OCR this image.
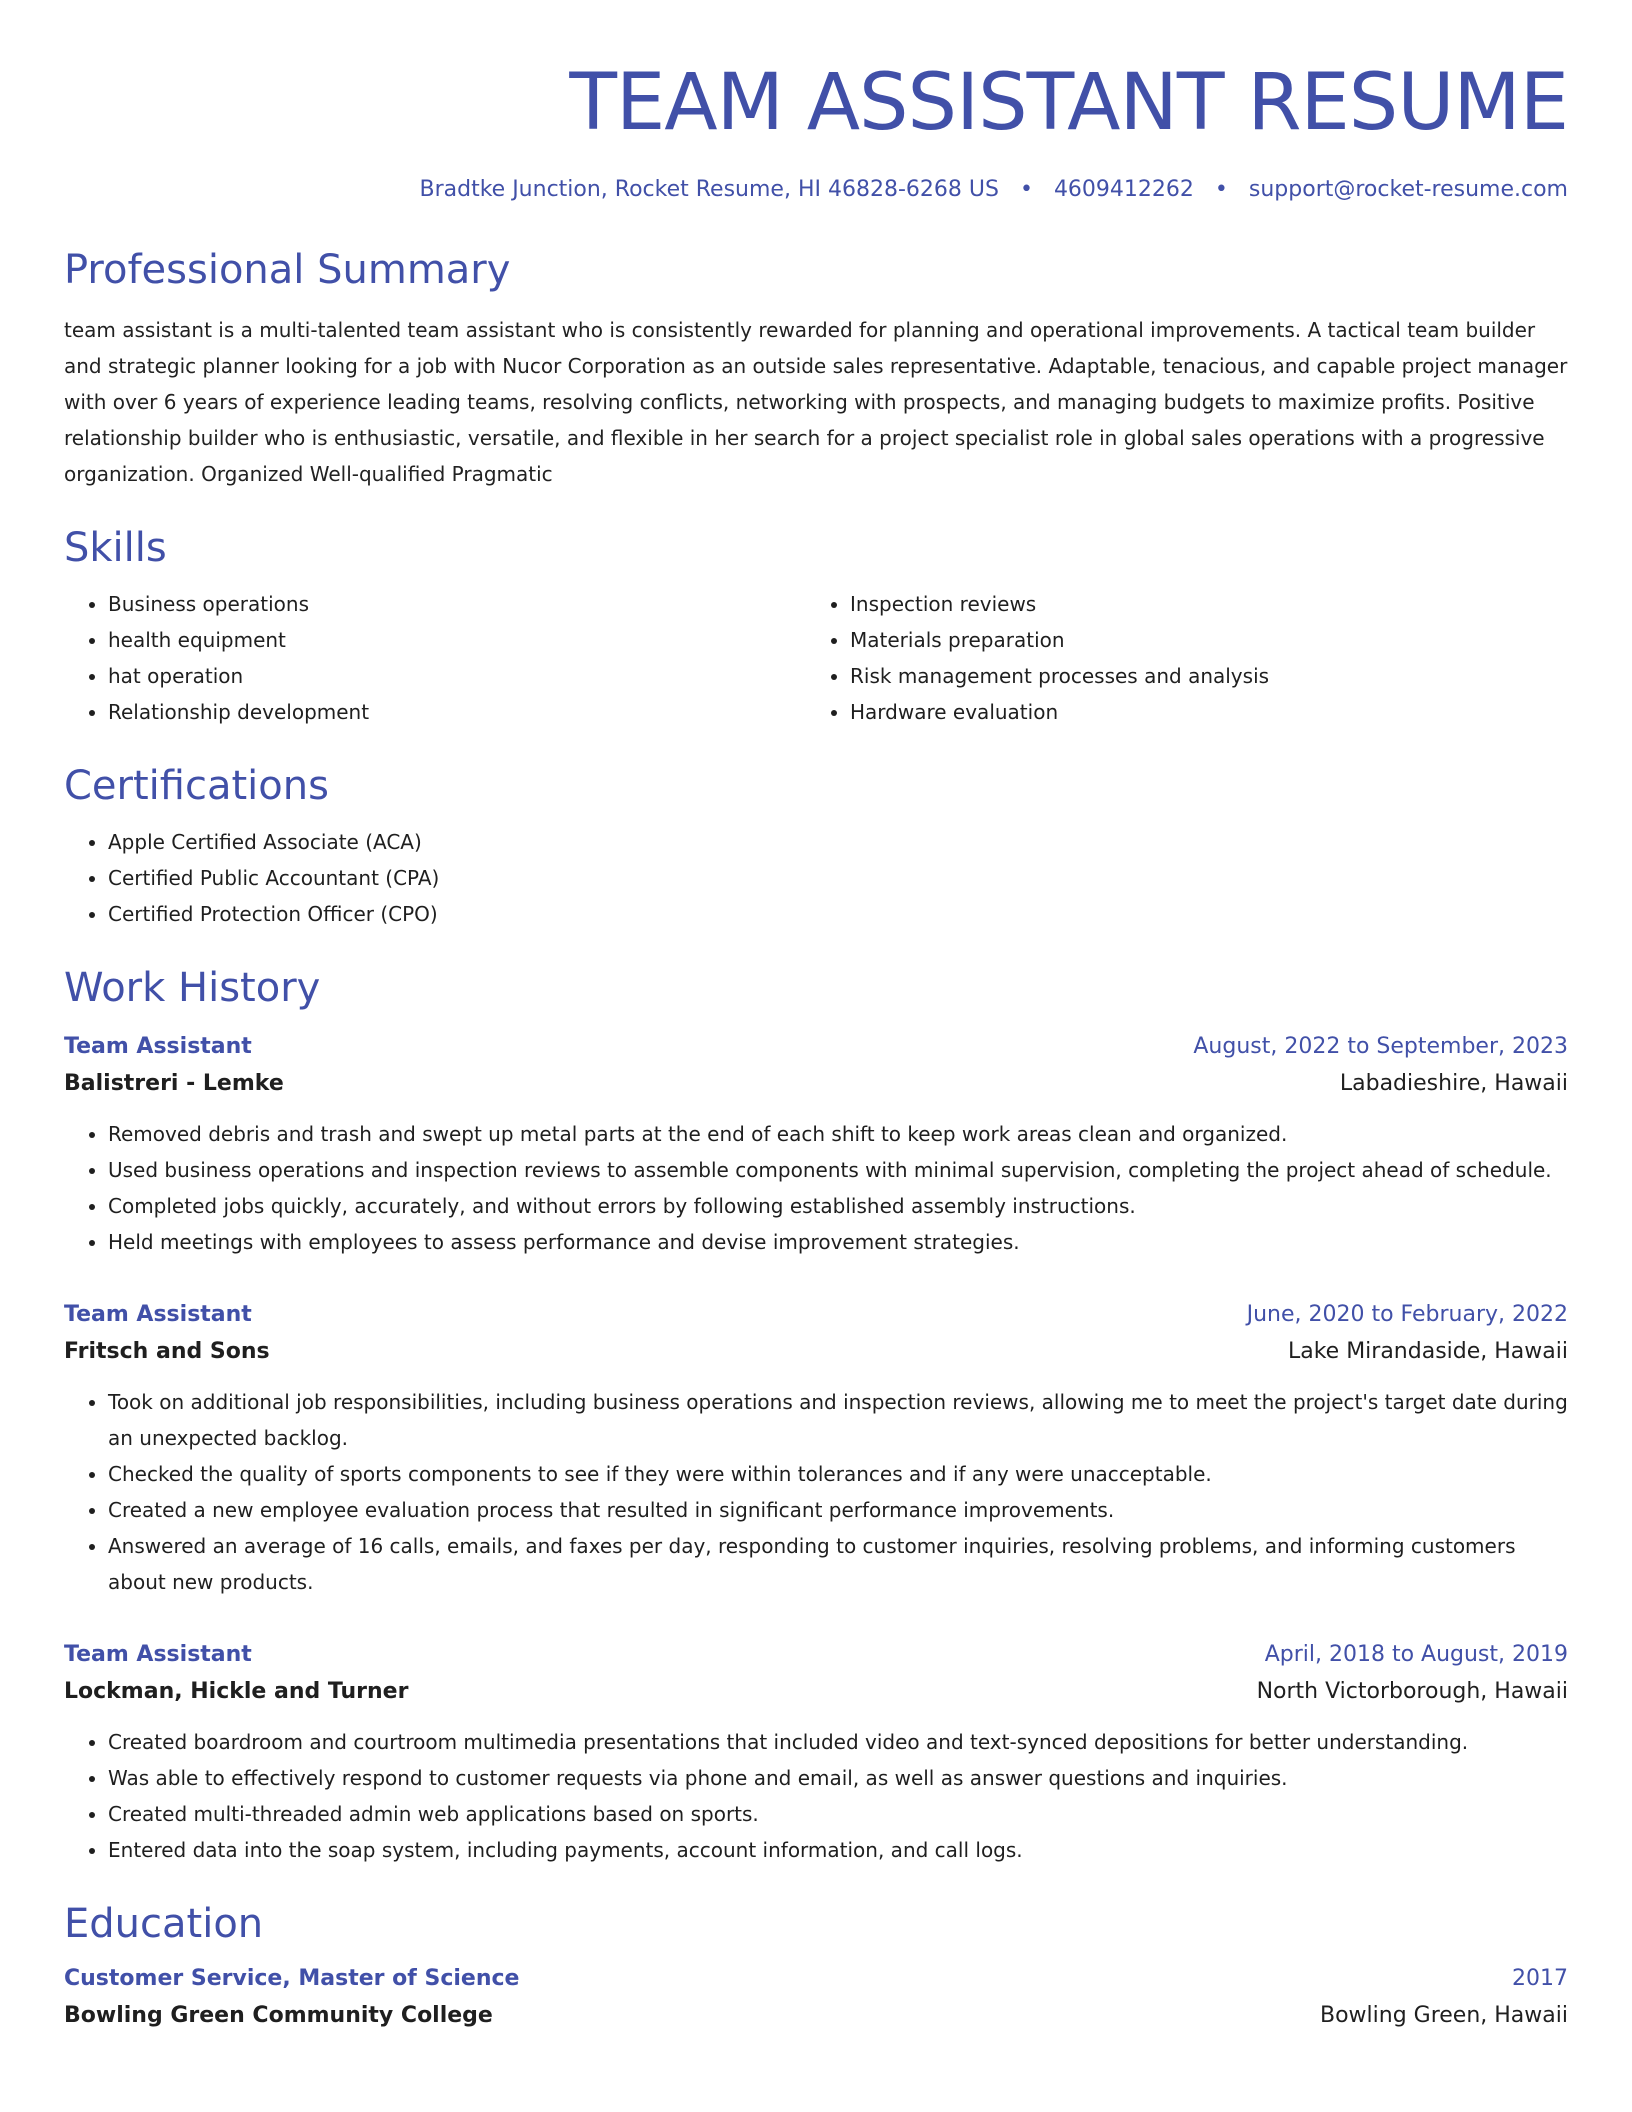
TEAM ASSISTANT RESUME
Bradtke Junction, Rocket Resume, HI 46828-6268 US • 4609412262 • support@rocket-resume.com
Professional Summary

team assistant is a multi-talented team assistant who is consistently rewarded for planning and operational improvements. A tactical team builder and strategic planner looking for a job with Nucor Corporation as an outside sales representative. Adaptable, tenacious, and capable project manager with over 6 years of experience leading teams, resolving conflicts, networking with prospects, and managing budgets to maximize profits. Positive relationship builder who is enthusiastic, versatile, and flexible in her search for a project specialist role in global sales operations with a progressive organization. Organized Well-qualified Pragmatic

Skills
• Business operations
• health equipment
• hat operation
• Relationship development
• Inspection reviews
• Materials preparation
• Risk management processes and analysis
• Hardware evaluation
Certifications
• Apple Certified Associate (ACA)
• Certified Public Accountant (CPA)
• Certified Protection Officer (CPO)
Work History
Team Assistant	August, 2022 to September, 2023
Balistreri - Lemke	Labadieshire, Hawaii
• Removed debris and trash and swept up metal parts at the end of each shift to keep work areas clean and organized.
• Used business operations and inspection reviews to assemble components with minimal supervision, completing the project ahead of schedule.
• Completed jobs quickly, accurately, and without errors by following established assembly instructions.
• Held meetings with employees to assess performance and devise improvement strategies.
Team Assistant	June, 2020 to February, 2022
Fritsch and Sons	Lake Mirandaside, Hawaii
• Took on additional job responsibilities, including business operations and inspection reviews, allowing me to meet the project's target date during an unexpected backlog.
• Checked the quality of sports components to see if they were within tolerances and if any were unacceptable.
• Created a new employee evaluation process that resulted in significant performance improvements.
• Answered an average of 16 calls, emails, and faxes per day, responding to customer inquiries, resolving problems, and informing customers about new products.
Team Assistant	April, 2018 to August, 2019
Lockman, Hickle and Turner	North Victorborough, Hawaii
• Created boardroom and courtroom multimedia presentations that included video and text-synced depositions for better understanding.
• Was able to effectively respond to customer requests via phone and email, as well as answer questions and inquiries.
• Created multi-threaded admin web applications based on sports.
• Entered data into the soap system, including payments, account information, and call logs.
Education
Customer Service, Master of Science	2017
Bowling Green Community College	Bowling Green, Hawaii
